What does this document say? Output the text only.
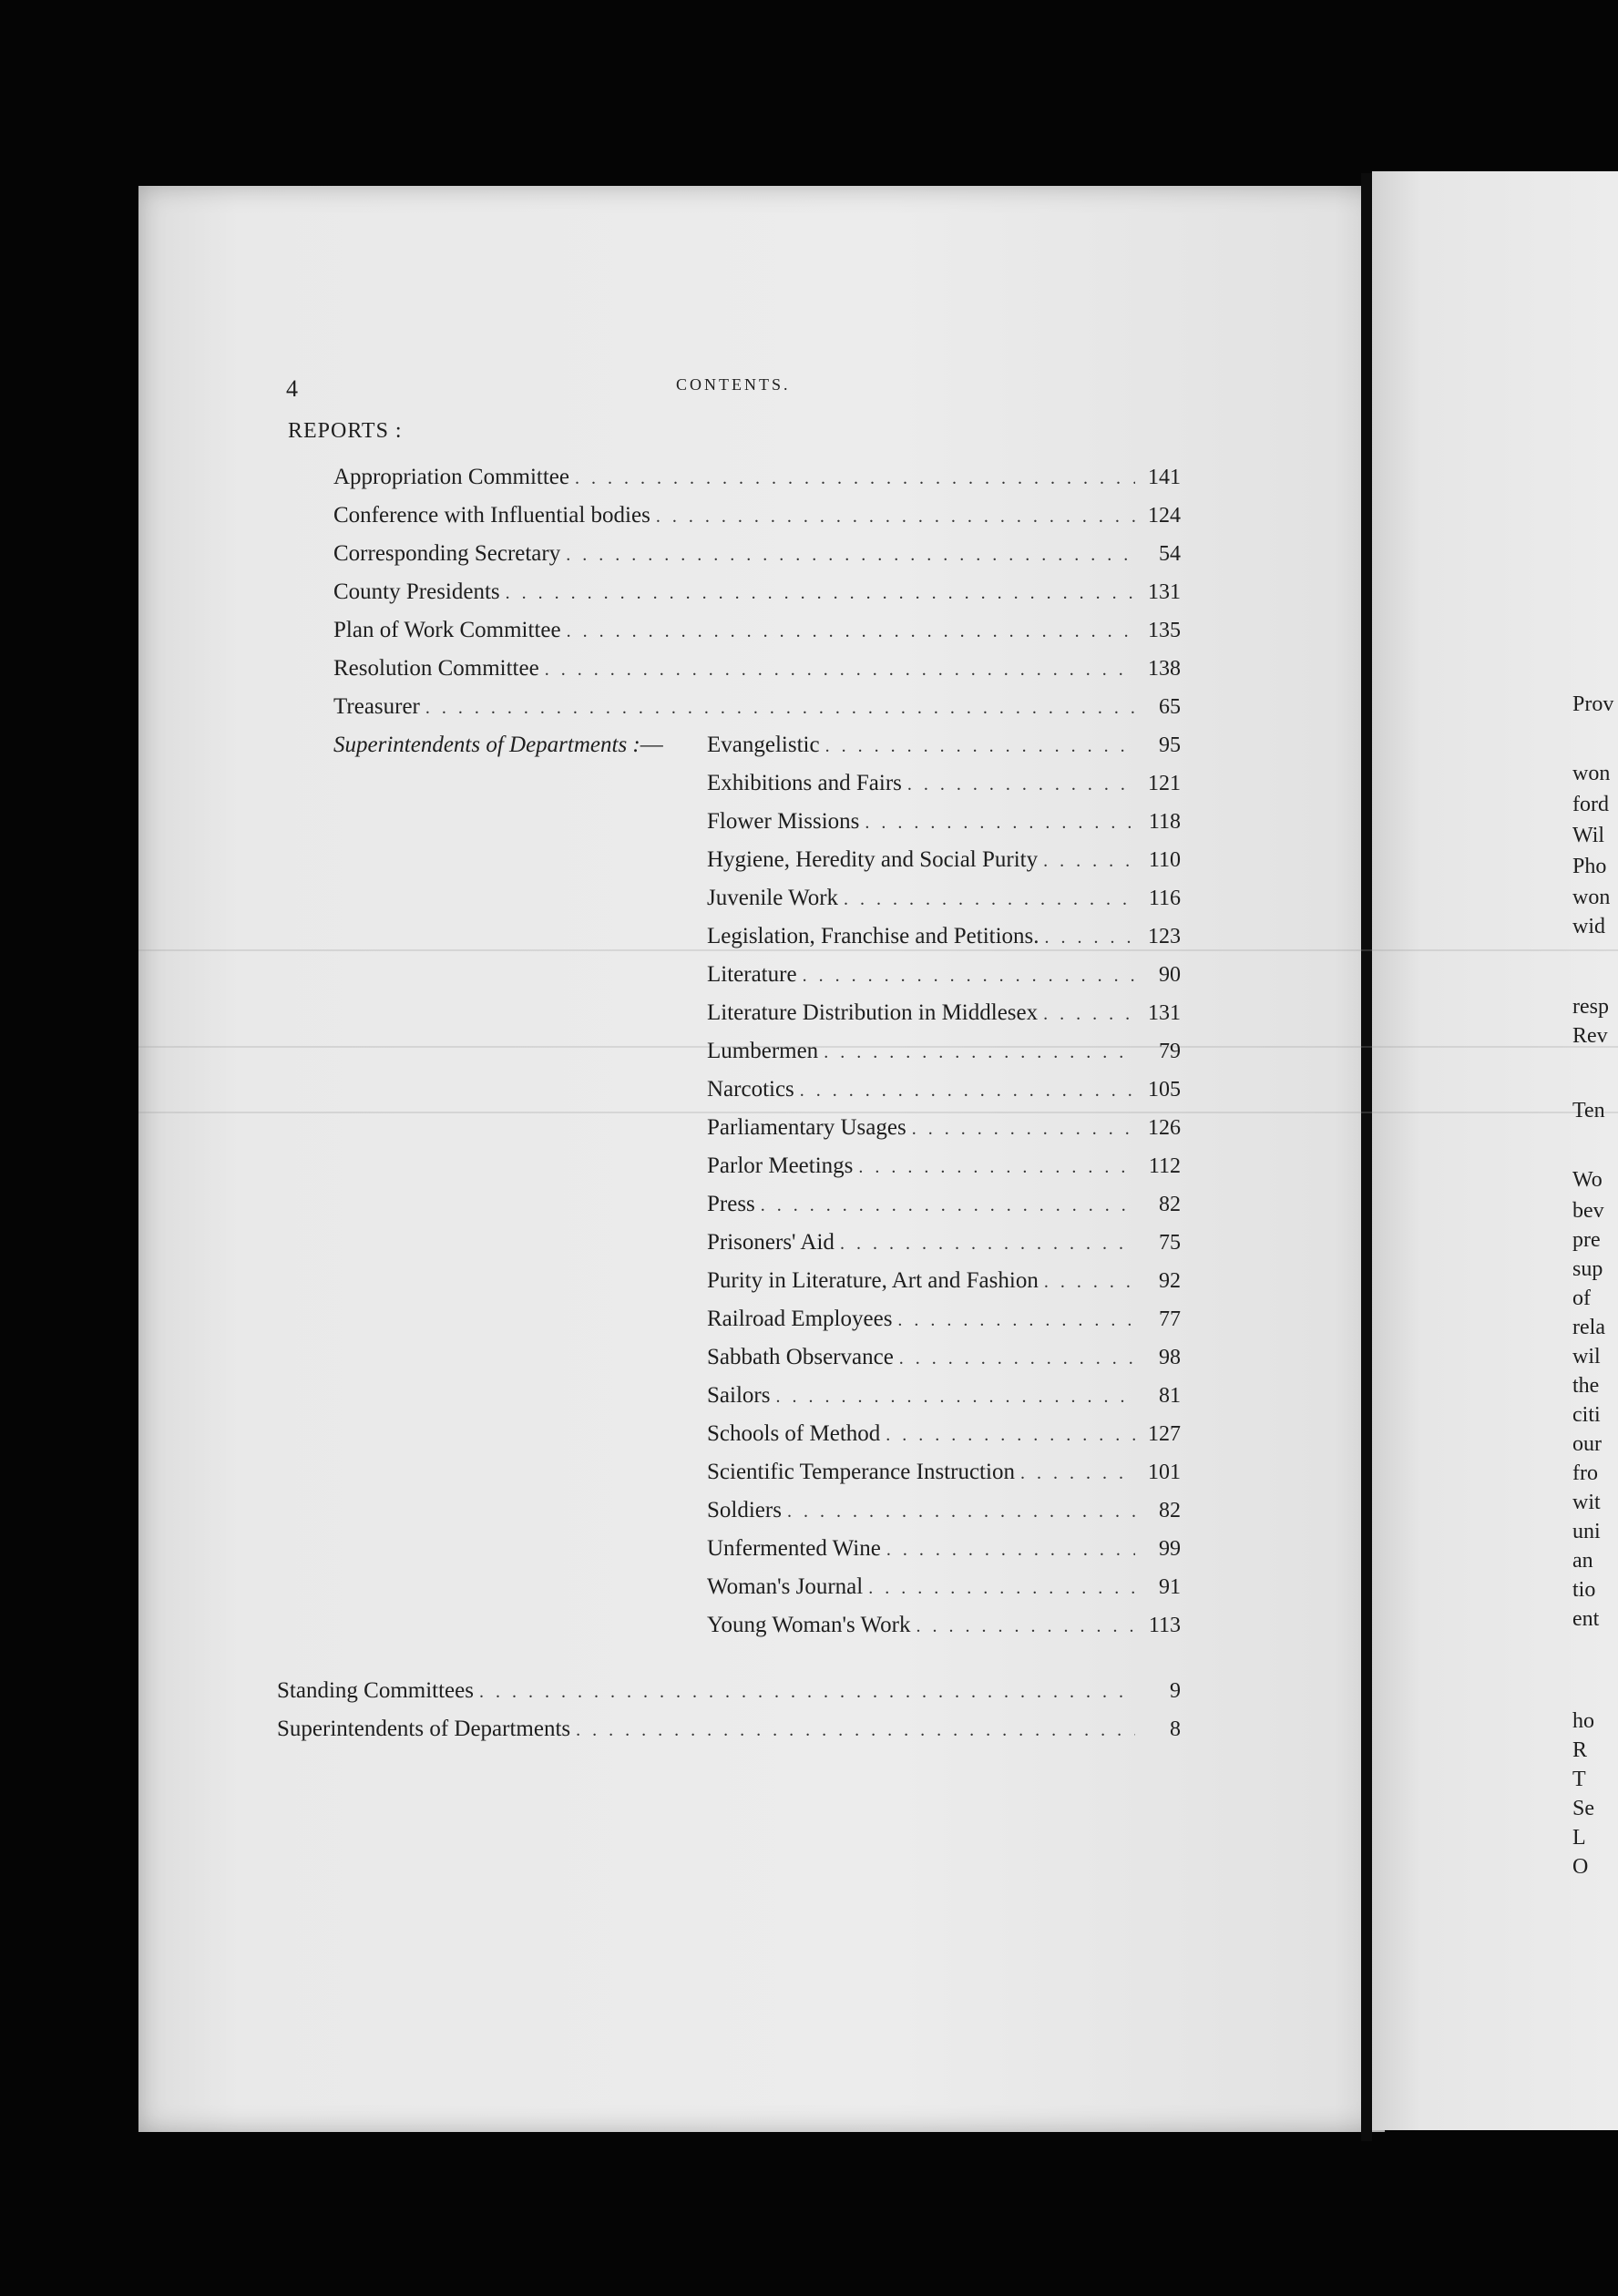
4	CONTENTS.
REPORTS :
Appropriation Committee . . .	141
Conference with Influential bodies . . .	124
Corresponding Secretary . . .	54
County Presidents . . .	131
Plan of Work Committee . . .	135
Resolution Committee . . .	138
Treasurer . . .	65
Superintendents of Departments :— Evangelistic . . .	95
Exhibitions and Fairs . . .	121
Flower Missions . . .	118
Hygiene, Heredity and Social Purity . . .	110
Juvenile Work . . .	116
Legislation, Franchise and Petitions. . . .	123
Literature . . .	90
Literature Distribution in Middlesex . . .	131
Lumbermen . . .	79
Narcotics . . .	105
Parliamentary Usages . . .	126
Parlor Meetings . . .	112
Press . . .	82
Prisoners' Aid . . .	75
Purity in Literature, Art and Fashion . . .	92
Railroad Employees . . .	77
Sabbath Observance . . .	98
Sailors . . .	81
Schools of Method . . .	127
Scientific Temperance Instruction . . .	101
Soldiers . . .	82
Unfermented Wine . . .	99
Woman's Journal . . .	91
Young Woman's Work . . .	113
Standing Committees . . .	9
Superintendents of Departments . . .	8
Prov
won
ford
Wil
Pho
won
wid
resp
Rev
Ten
Wo
bev
pre
sup
of
rela
wil
the
citi
our
fro
wit
uni
an
tio
ent
ho
R
T
Se
L
O
